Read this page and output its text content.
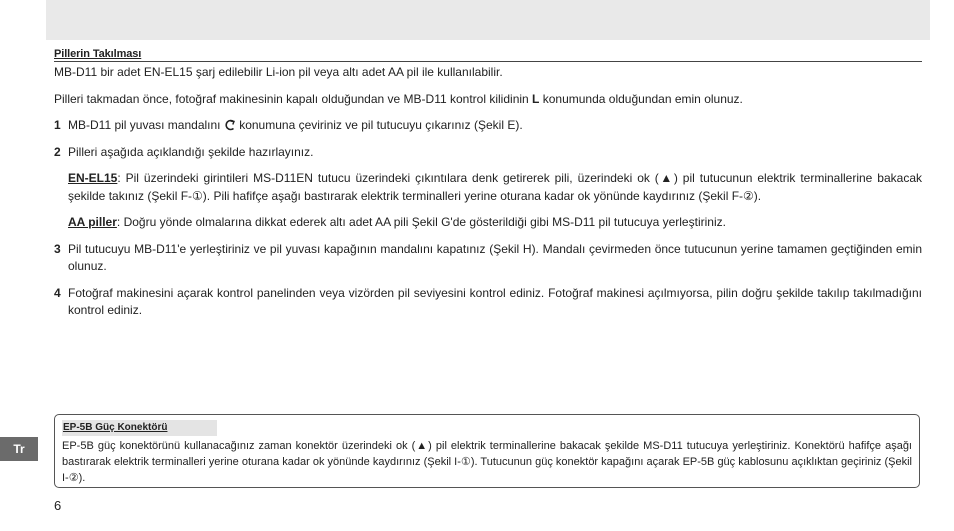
Pillerin Takılması

MB-D11 bir adet EN-EL15 şarj edilebilir Li-ion pil veya altı adet AA pil ile kullanılabilir.

Pilleri takmadan önce, fotoğraf makinesinin kapalı olduğundan ve MB-D11 kontrol kilidinin L konumunda olduğundan emin olunuz.

1 MB-D11 pil yuvası mandalını konumuna çeviriniz ve pil tutucuyu çıkarınız (Şekil E).
2 Pilleri aşağıda açıklandığı şekilde hazırlayınız.
EN-EL15: Pil üzerindeki girintileri MS-D11EN tutucu üzerindeki çıkıntılara denk getirerek pili, üzerindeki ok (▲) pil tutucunun elektrik terminallerine bakacak şekilde takınız (Şekil F-①). Pili hafifçe aşağı bastırarak elektrik terminalleri yerine oturana kadar ok yönünde kaydırınız (Şekil F-②).
AA piller: Doğru yönde olmalarına dikkat ederek altı adet AA pili Şekil G'de gösterildiği gibi MS-D11 pil tutucuya yerleştiriniz.
3 Pil tutucuyu MB-D11'e yerleştiriniz ve pil yuvası kapağının mandalını kapatınız (Şekil H). Mandalı çevirmeden önce tutucunun yerine tamamen geçtiğinden emin olunuz.
4 Fotoğraf makinesini açarak kontrol panelinden veya vizörden pil seviyesini kontrol ediniz. Fotoğraf makinesi açılmıyorsa, pilin doğru şekilde takılıp takılmadığını kontrol ediniz.
EP-5B Güç Konektörü
EP-5B güç konektörünü kullanacağınız zaman konektör üzerindeki ok (▲) pil elektrik terminallerine bakacak şekilde MS-D11 tutucuya yerleştiriniz. Konektörü hafifçe aşağı bastırarak elektrik terminalleri yerine oturana kadar ok yönünde kaydırınız (Şekil I-①). Tutucunun güç konektör kapağını açarak EP-5B güç kablosunu açıklıktan geçiriniz (Şekil I-②).
Tr
6
